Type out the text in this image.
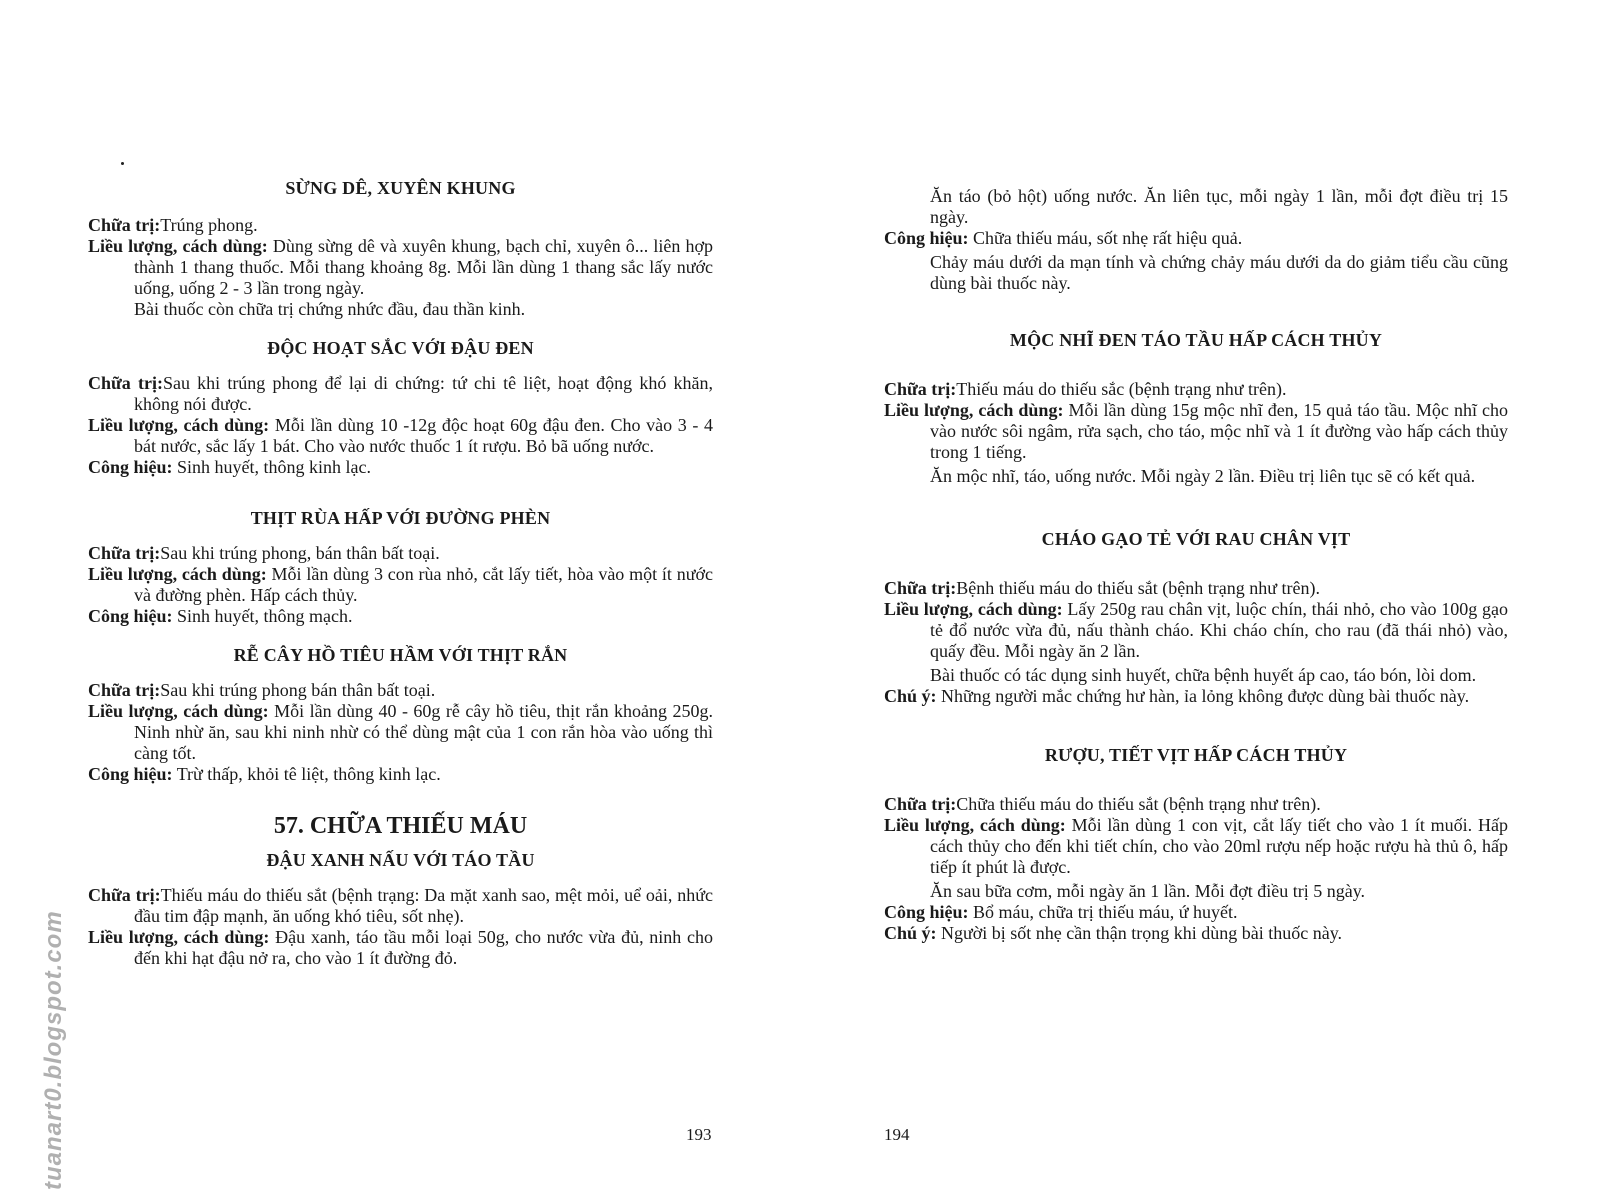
SỪNG DÊ, XUYÊN KHUNG

Chữa trị:Trúng phong.

Liều lượng, cách dùng: Dùng sừng dê và xuyên khung, bạch chỉ, xuyên ô... liên hợp thành 1 thang thuốc. Mỗi thang khoảng 8g. Mỗi lần dùng 1 thang sắc lấy nước uống, uống 2 - 3 lần trong ngày.

Bài thuốc còn chữa trị chứng nhức đầu, đau thần kinh.

ĐỘC HOẠT SẮC VỚI ĐẬU ĐEN

Chữa trị:Sau khi trúng phong để lại di chứng: tứ chi tê liệt, hoạt động khó khăn, không nói được.

Liều lượng, cách dùng: Mỗi lần dùng 10 -12g độc hoạt 60g đậu đen. Cho vào 3 - 4 bát nước, sắc lấy 1 bát. Cho vào nước thuốc 1 ít rượu. Bỏ bã uống nước.

Công hiệu: Sinh huyết, thông kinh lạc.

THỊT RÙA HẤP VỚI ĐƯỜNG PHÈN

Chữa trị:Sau khi trúng phong, bán thân bất toại.

Liều lượng, cách dùng: Mỗi lần dùng 3 con rùa nhỏ, cắt lấy tiết, hòa vào một ít nước và đường phèn. Hấp cách thủy.

Công hiệu: Sinh huyết, thông mạch.

RỄ CÂY HỒ TIÊU HẦM VỚI THỊT RẮN

Chữa trị:Sau khi trúng phong bán thân bất toại.

Liều lượng, cách dùng: Mỗi lần dùng 40 - 60g rễ cây hồ tiêu, thịt rắn khoảng 250g. Ninh nhừ ăn, sau khi ninh nhừ có thể dùng mật của 1 con rắn hòa vào uống thì càng tốt.

Công hiệu: Trừ thấp, khỏi tê liệt, thông kinh lạc.

57. CHỮA THIẾU MÁU
ĐẬU XANH NẤU VỚI TÁO TẦU

Chữa trị:Thiếu máu do thiếu sắt (bệnh trạng: Da mặt xanh sao, mệt mỏi, uể oải, nhức đầu tim đập mạnh, ăn uống khó tiêu, sốt nhẹ).

Liều lượng, cách dùng: Đậu xanh, táo tầu mỗi loại 50g, cho nước vừa đủ, ninh cho đến khi hạt đậu nở ra, cho vào 1 ít đường đỏ.

193

Ăn táo (bỏ hột) uống nước. Ăn liên tục, mỗi ngày 1 lần, mỗi đợt điều trị 15 ngày.

Công hiệu: Chữa thiếu máu, sốt nhẹ rất hiệu quả.

Chảy máu dưới da mạn tính và chứng chảy máu dưới da do giảm tiểu cầu cũng dùng bài thuốc này.

MỘC NHĨ ĐEN TÁO TẦU HẤP CÁCH THỦY

Chữa trị:Thiếu máu do thiếu sắc (bệnh trạng như trên).

Liều lượng, cách dùng: Mỗi lần dùng 15g mộc nhĩ đen, 15 quả táo tầu. Mộc nhĩ cho vào nước sôi ngâm, rửa sạch, cho táo, mộc nhĩ và 1 ít đường vào hấp cách thủy trong 1 tiếng.

Ăn mộc nhĩ, táo, uống nước. Mỗi ngày 2 lần. Điều trị liên tục sẽ có kết quả.

CHÁO GẠO TẺ VỚI RAU CHÂN VỊT

Chữa trị:Bệnh thiếu máu do thiếu sắt (bệnh trạng như trên).

Liều lượng, cách dùng: Lấy 250g rau chân vịt, luộc chín, thái nhỏ, cho vào 100g gạo tẻ đổ nước vừa đủ, nấu thành cháo. Khi cháo chín, cho rau (đã thái nhỏ) vào, quấy đều. Mỗi ngày ăn 2 lần.

Bài thuốc có tác dụng sinh huyết, chữa bệnh huyết áp cao, táo bón, lòi dom.

Chú ý: Những người mắc chứng hư hàn, ỉa lỏng không được dùng bài thuốc này.

RƯỢU, TIẾT VỊT HẤP CÁCH THỦY

Chữa trị:Chữa thiếu máu do thiếu sắt (bệnh trạng như trên).

Liều lượng, cách dùng: Mỗi lần dùng 1 con vịt, cắt lấy tiết cho vào 1 ít muối. Hấp cách thủy cho đến khi tiết chín, cho vào 20ml rượu nếp hoặc rượu hà thủ ô, hấp tiếp ít phút là được.

Ăn sau bữa cơm, mỗi ngày ăn 1 lần. Mỗi đợt điều trị 5 ngày.

Công hiệu: Bổ máu, chữa trị thiếu máu, ứ huyết.

Chú ý: Người bị sốt nhẹ cần thận trọng khi dùng bài thuốc này.

194
tuanart0.blogspot.com
